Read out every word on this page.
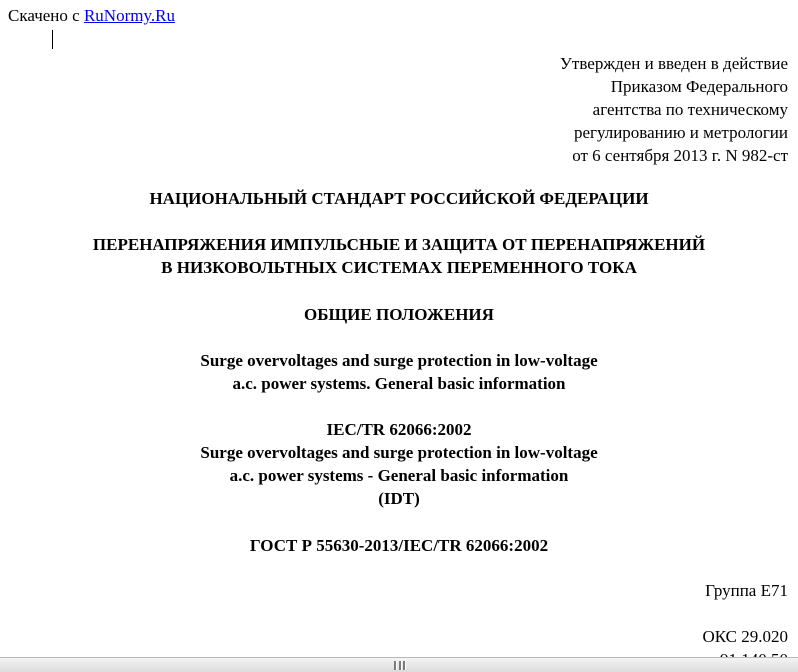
Скачено с RuNormy.Ru
Утвержден и введен в действие
Приказом Федерального
агентства по техническому
регулированию и метрологии
от 6 сентября 2013 г. N 982-ст
НАЦИОНАЛЬНЫЙ СТАНДАРТ РОССИЙСКОЙ ФЕДЕРАЦИИ
ПЕРЕНАПРЯЖЕНИЯ ИМПУЛЬСНЫЕ И ЗАЩИТА ОТ ПЕРЕНАПРЯЖЕНИЙ
В НИЗКОВОЛЬТНЫХ СИСТЕМАХ ПЕРЕМЕННОГО ТОКА
ОБЩИЕ ПОЛОЖЕНИЯ
Surge overvoltages and surge protection in low-voltage
a.c. power systems. General basic information
IEC/TR 62066:2002
Surge overvoltages and surge protection in low-voltage
a.c. power systems - General basic information
(IDT)
ГОСТ Р 55630-2013/IEC/TR 62066:2002
Группа Е71
ОКС 29.020
